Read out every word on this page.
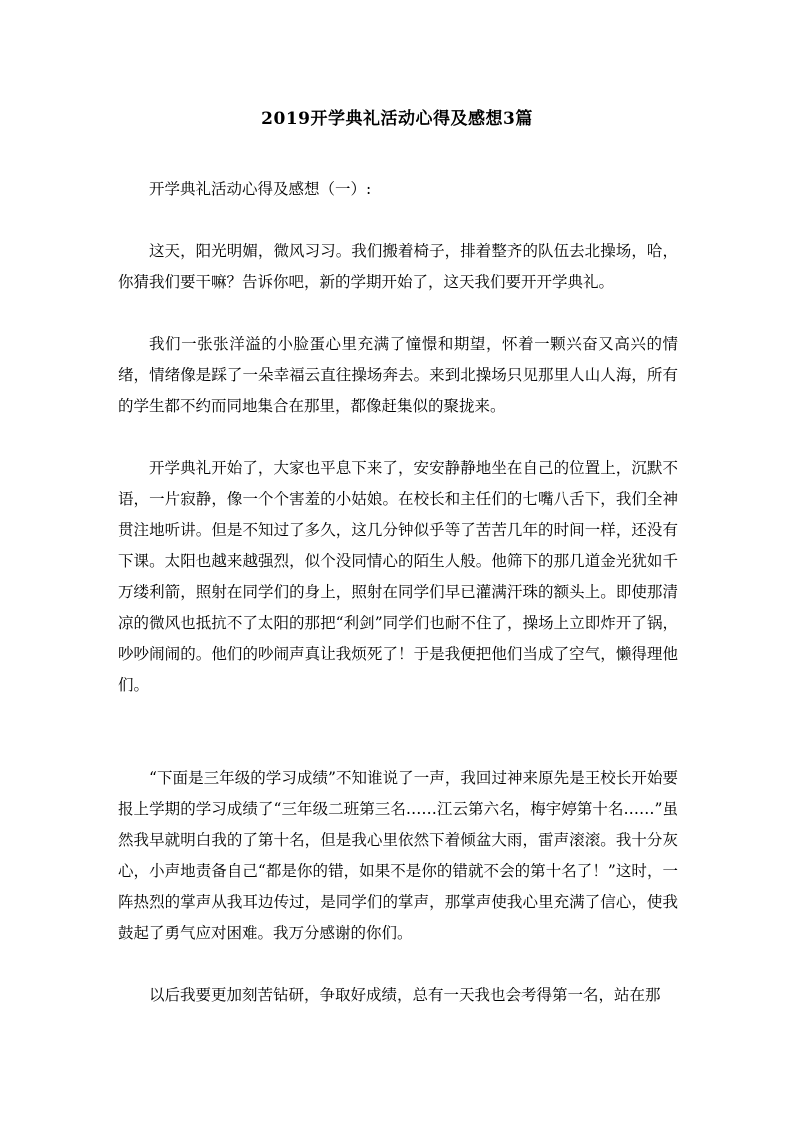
2019开学典礼活动心得及感想3篇

开学典礼活动心得及感想（一）:

这天，阳光明媚，微风习习。我们搬着椅子，排着整齐的队伍去北操场，哈，你猜我们要干嘛？告诉你吧，新的学期开始了，这天我们要开开学典礼。

我们一张张洋溢的小脸蛋心里充满了憧憬和期望，怀着一颗兴奋又高兴的情绪，情绪像是踩了一朵幸福云直往操场奔去。来到北操场只见那里人山人海，所有的学生都不约而同地集合在那里，都像赶集似的聚拢来。

开学典礼开始了，大家也平息下来了，安安静静地坐在自己的位置上，沉默不语，一片寂静，像一个个害羞的小姑娘。在校长和主任们的七嘴八舌下，我们全神贯注地听讲。但是不知过了多久，这几分钟似乎等了苦苦几年的时间一样，还没有下课。太阳也越来越强烈，似个没同情心的陌生人般。他筛下的那几道金光犹如千万缕利箭，照射在同学们的身上，照射在同学们早已灌满汗珠的额头上。即使那清凉的微风也抵抗不了太阳的那把“利剑”同学们也耐不住了，操场上立即炸开了锅，吵吵闹闹的。他们的吵闹声真让我烦死了！于是我便把他们当成了空气，懒得理他们。

“下面是三年级的学习成绩”不知谁说了一声，我回过神来原先是王校长开始要报上学期的学习成绩了“三年级二班第三名……江云第六名，梅宇婷第十名……”虽然我早就明白我的了第十名，但是我心里依然下着倾盆大雨，雷声滚滚。我十分灰心，小声地责备自己“都是你的错，如果不是你的错就不会的第十名了！”这时，一阵热烈的掌声从我耳边传过，是同学们的掌声，那掌声使我心里充满了信心，使我鼓起了勇气应对困难。我万分感谢的你们。

以后我要更加刻苦钻研，争取好成绩，总有一天我也会考得第一名，站在那
